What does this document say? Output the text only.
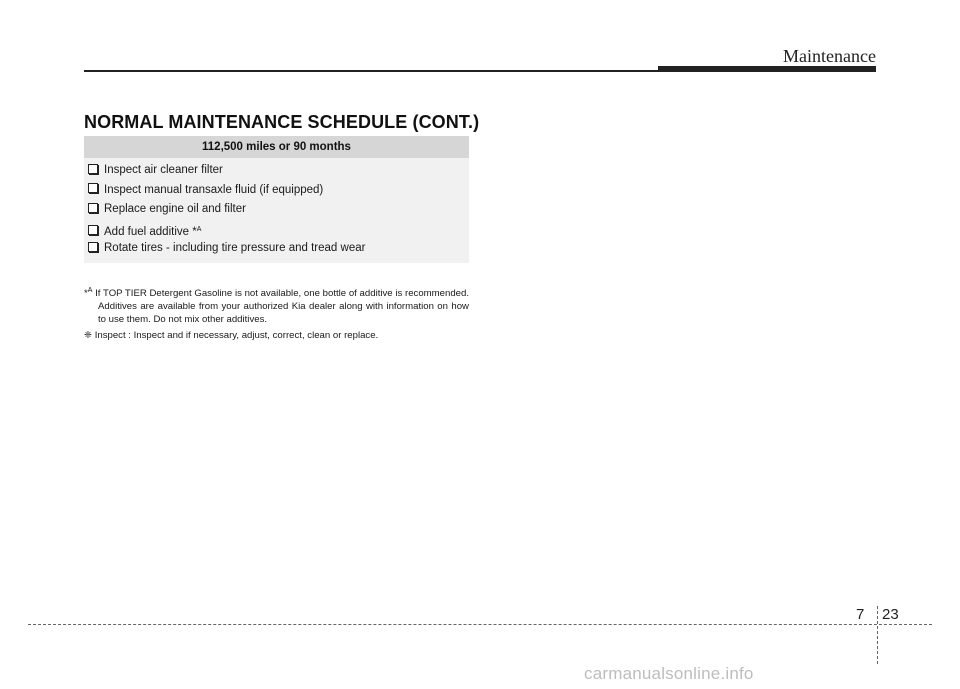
Maintenance
NORMAL MAINTENANCE SCHEDULE (CONT.)
112,500 miles or 90 months
Inspect air cleaner filter
Inspect manual transaxle fluid (if equipped)
Replace engine oil and filter
Add fuel additive *$^A$
Rotate tires - including tire pressure and tread wear
*$^A$ If TOP TIER Detergent Gasoline is not available, one bottle of additive is recommended. Additives are available from your authorized Kia dealer along with information on how to use them. Do not mix other additives.
❈ Inspect : Inspect and if necessary, adjust, correct, clean or replace.
7 23
carmanualsonline.info
